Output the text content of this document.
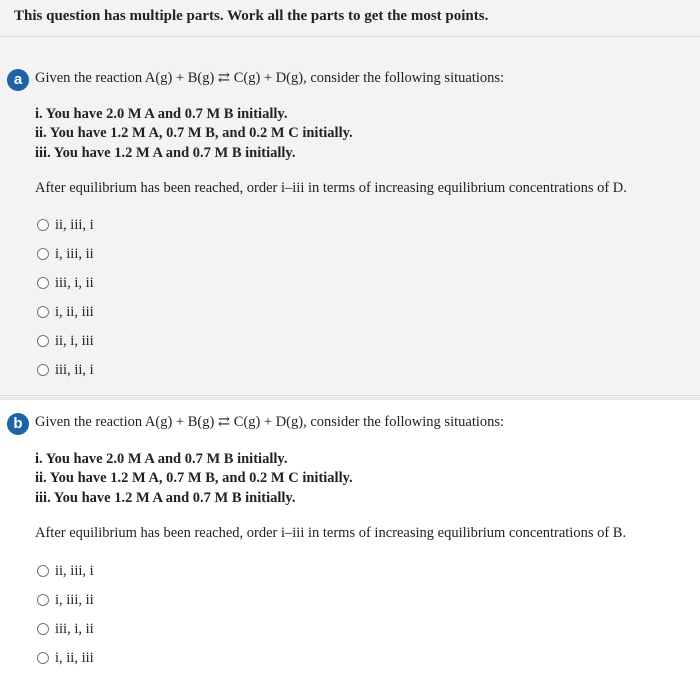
This question has multiple parts. Work all the parts to get the most points.
a Given the reaction A(g) + B(g) ⇄ C(g) + D(g), consider the following situations:
i. You have 2.0 M A and 0.7 M B initially.
ii. You have 1.2 M A, 0.7 M B, and 0.2 M C initially.
iii. You have 1.2 M A and 0.7 M B initially.
After equilibrium has been reached, order i–iii in terms of increasing equilibrium concentrations of D.
ii, iii, i
i, iii, ii
iii, i, ii
i, ii, iii
ii, i, iii
iii, ii, i
b Given the reaction A(g) + B(g) ⇄ C(g) + D(g), consider the following situations:
i. You have 2.0 M A and 0.7 M B initially.
ii. You have 1.2 M A, 0.7 M B, and 0.2 M C initially.
iii. You have 1.2 M A and 0.7 M B initially.
After equilibrium has been reached, order i–iii in terms of increasing equilibrium concentrations of B.
ii, iii, i
i, iii, ii
iii, i, ii
i, ii, iii
